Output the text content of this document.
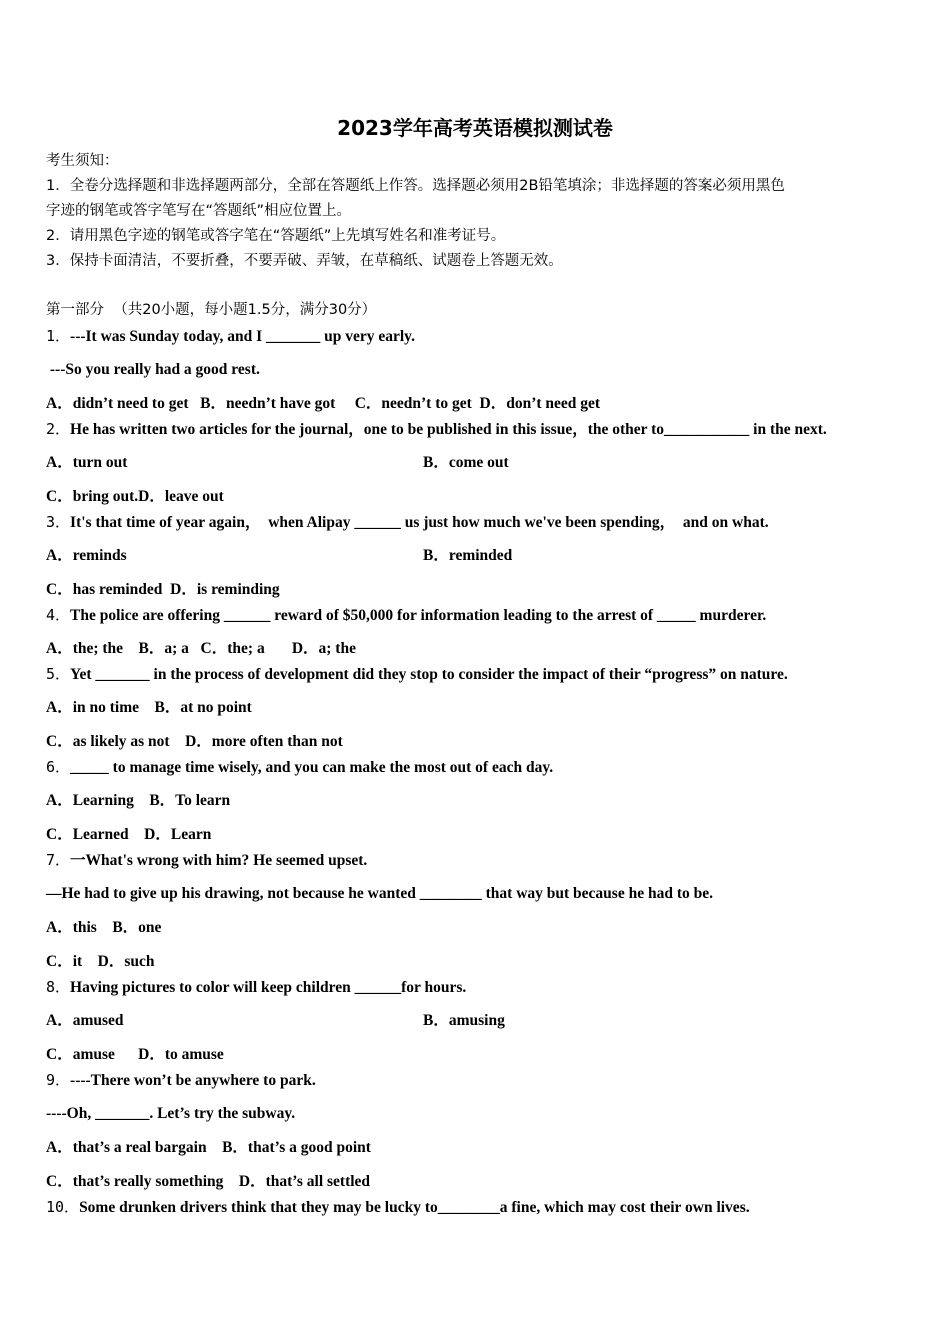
2023学年高考英语模拟测试卷
考生须知：
1．全卷分选择题和非选择题两部分，全部在答题纸上作答。选择题必须用2B铅笔填涂；非选择题的答案必须用黑色
字迹的钢笔或答字笔写在“答题纸”相应位置上。
2．请用黑色字迹的钢笔或答字笔在“答题纸”上先填写姓名和准考证号。
3．保持卡面清洁，不要折叠，不要弄破、弄皱，在草稿纸、试题卷上答题无效。
第一部分  （共20小题，每小题1.5分，满分30分）
1．---It was Sunday today, and I _______ up very early.
---So you really had a good rest.
A．didn’t need to get   B．needn’t have got     C．needn’t to get  D．don’t need get
2．He has written two articles for the journal，one to be published in this issue，the other to___________ in the next.
A．turn out	B．come out
C．bring out.D．leave out
3．It's that time of year again，  when Alipay ______ us just how much we've been spending，  and on what.
A．reminds	B．reminded
C．has reminded  D．is reminding
4．The police are offering ______ reward of $50,000 for information leading to the arrest of _____ murderer.
A．the; the    B．a; a   C．the; a       D．a; the
5．Yet _______ in the process of development did they stop to consider the impact of their “progress” on nature.
A．in no time    B．at no point
C．as likely as not    D．more often than not
6．_____ to manage time wisely, and you can make the most out of each day.
A．Learning    B．To learn
C．Learned    D．Learn
7．一What's wrong with him? He seemed upset.
—He had to give up his drawing, not because he wanted ________ that way but because he had to be.
A．this    B．one
C．it    D．such
8．Having pictures to color will keep children ______for hours.
A．amused	B．amusing
C．amuse      D．to amuse
9．----There won’t be anywhere to park.
----Oh, _______. Let’s try the subway.
A．that’s a real bargain    B．that’s a good point
C．that’s really something    D．that’s all settled
10．Some drunken drivers think that they may be lucky to________a fine, which may cost their own lives.
